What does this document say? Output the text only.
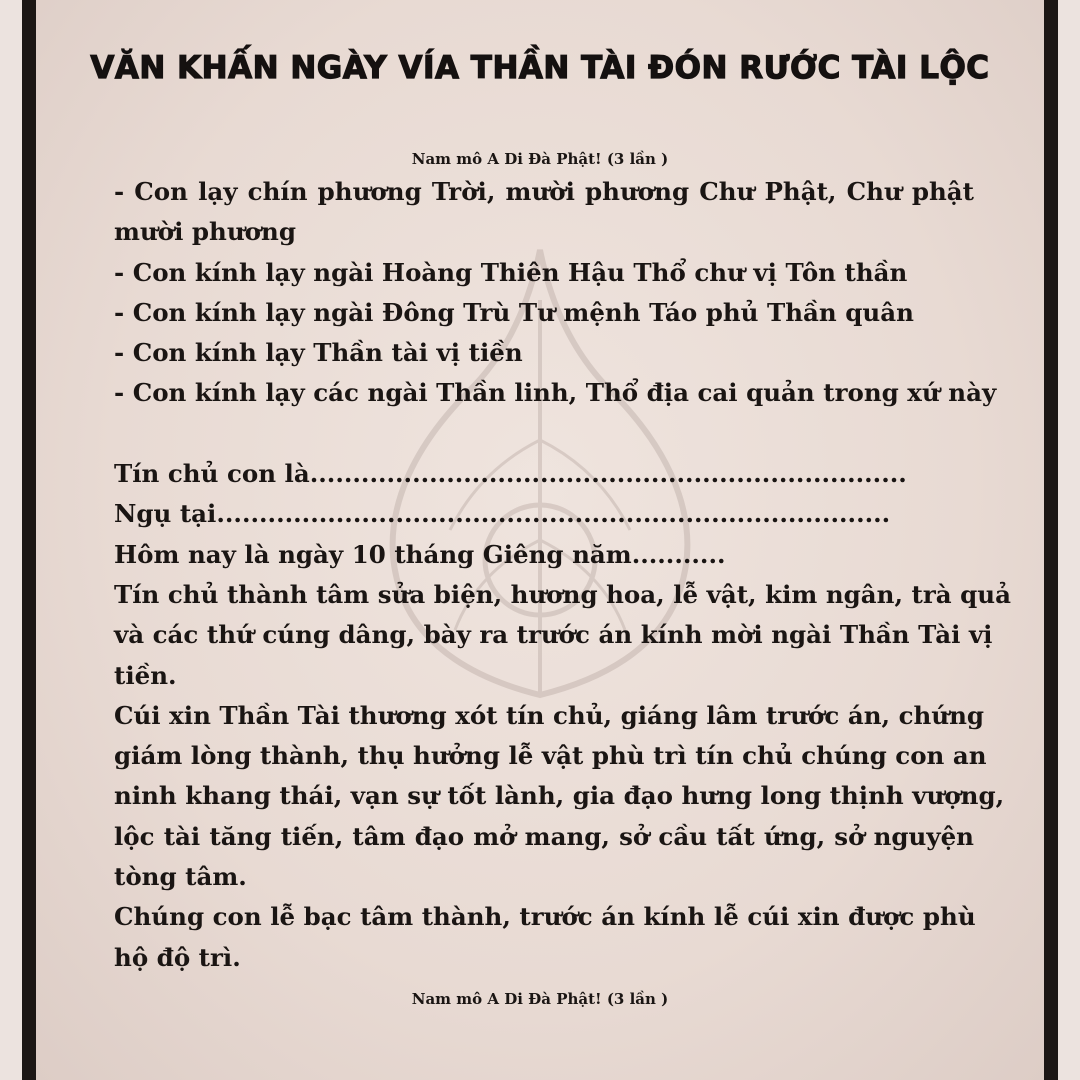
VĂN KHẤN NGÀY VÍA THẦN TÀI ĐÓN RƯỚC TÀI LỘC
Nam mô A Di Đà Phật! (3 lần )
- Con lạy chín phương Trời, mười phương Chư Phật, Chư phật
mười phương
- Con kính lạy ngài Hoàng Thiên Hậu Thổ chư vị Tôn thần
- Con kính lạy ngài Đông Trù Tư mệnh Táo phủ Thần quân
- Con kính lạy Thần tài vị tiền
- Con kính lạy các ngài Thần linh, Thổ địa cai quản trong xứ này
Tín chủ con là......................................................................
Ngụ tại...............................................................................
Hôm nay là ngày 10 tháng Giêng năm...........
Tín chủ thành tâm sửa biện, hương hoa, lễ vật, kim ngân, trà quả
và các thứ cúng dâng, bày ra trước án kính mời ngài Thần Tài vị
tiền.
Cúi xin Thần Tài thương xót tín chủ, giáng lâm trước án, chứng
giám lòng thành, thụ hưởng lễ vật phù trì tín chủ chúng con an
ninh khang thái, vạn sự tốt lành, gia đạo hưng long thịnh vượng,
lộc tài tăng tiến, tâm đạo mở mang, sở cầu tất ứng, sở nguyện
tòng tâm.
Chúng con lễ bạc tâm thành, trước án kính lễ cúi xin được phù
hộ độ trì.
Nam mô A Di Đà Phật! (3 lần )
